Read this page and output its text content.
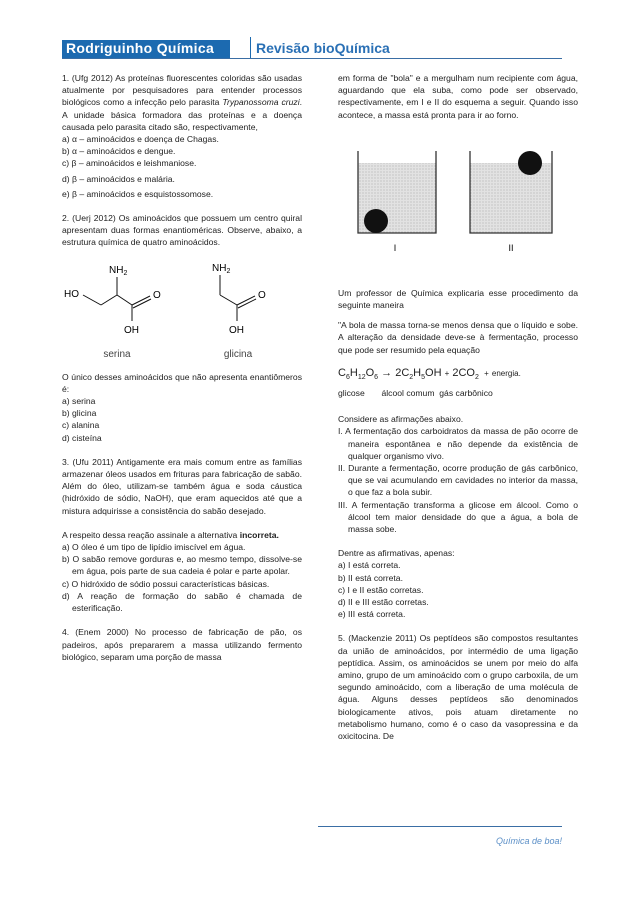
Rodriguinho Química	Revisão bioQuímica

1. (Ufg 2012) As proteínas fluorescentes coloridas são usadas atualmente por pesquisadores para entender processos biológicos como a infecção pelo parasita Trypanossoma cruzi. A unidade básica formadora das proteínas e a doença causada pelo parasita citado são, respectivamente,

a) α – aminoácidos e doença de Chagas.

b) α – aminoácidos e dengue.

c) β – aminoácidos e leishmaniose.

d) β – aminoácidos e malária.

e) β – aminoácidos e esquistossomose.

2. (Uerj 2012) Os aminoácidos que possuem um centro quiral apresentam duas formas enantioméricas. Observe, abaixo, a estrutura química de quatro aminoácidos.

$NH_2$
HO	O
OH
serina
$NH_2$
O
OH
glicina

O único desses aminoácidos que não apresenta enantiômeros é:

a) serina

b) glicina

c) alanina

d) cisteína

3. (Ufu 2011) Antigamente era mais comum entre as famílias armazenar óleos usados em frituras para fabricação de sabão. Além do óleo, utilizam-se também água e soda cáustica (hidróxido de sódio, NaOH), que eram aquecidos até que a mistura adquirisse a consistência do sabão desejado.

A respeito dessa reação assinale a alternativa incorreta.

a) O óleo é um tipo de lipídio imiscível em água.

b) O sabão remove gorduras e, ao mesmo tempo, dissolve-se em água, pois parte de sua cadeia é polar e parte apolar.

c) O hidróxido de sódio possui características básicas.

d) A reação de formação do sabão é chamada de esterificação.

4. (Enem 2000) No processo de fabricação de pão, os padeiros, após prepararem a massa utilizando fermento biológico, separam uma porção de massa

em forma de "bola" e a mergulham num recipiente com água, aguardando que ela suba, como pode ser observado, respectivamente, em I e II do esquema a seguir. Quando isso acontece, a massa está pronta para ir ao forno.

I	II

Um professor de Química explicaria esse procedimento da seguinte maneira

"A bola de massa torna-se menos densa que o líquido e sobe. A alteração da densidade deve-se à fermentação, processo que pode ser resumido pela equação

$C_6H_{12}O_6 \to 2C_2H_5OH + 2CO_2$ + energia.
glicose álcool comum gás carbônico

Considere as afirmações abaixo.

I. A fermentação dos carboidratos da massa de pão ocorre de maneira espontânea e não depende da existência de qualquer organismo vivo.

II. Durante a fermentação, ocorre produção de gás carbônico, que se vai acumulando em cavidades no interior da massa, o que faz a bola subir.

III. A fermentação transforma a glicose em álcool. Como o álcool tem maior densidade do que a água, a bola de massa sobe.

Dentre as afirmativas, apenas:

a) I está correta.

b) II está correta.

c) I e II estão corretas.

d) II e III estão corretas.

e) III está correta.

5. (Mackenzie 2011) Os peptídeos são compostos resultantes da união de aminoácidos, por intermédio de uma ligação peptídica. Assim, os aminoácidos se unem por meio do alfa amino, grupo de um aminoácido com o grupo carboxila, de um segundo aminoácido, com a liberação de uma molécula de água. Alguns desses peptídeos são denominados biologicamente ativos, pois atuam diretamente no metabolismo humano, como é o caso da vasopressina e da oxicitocina. De

Química de boa!
